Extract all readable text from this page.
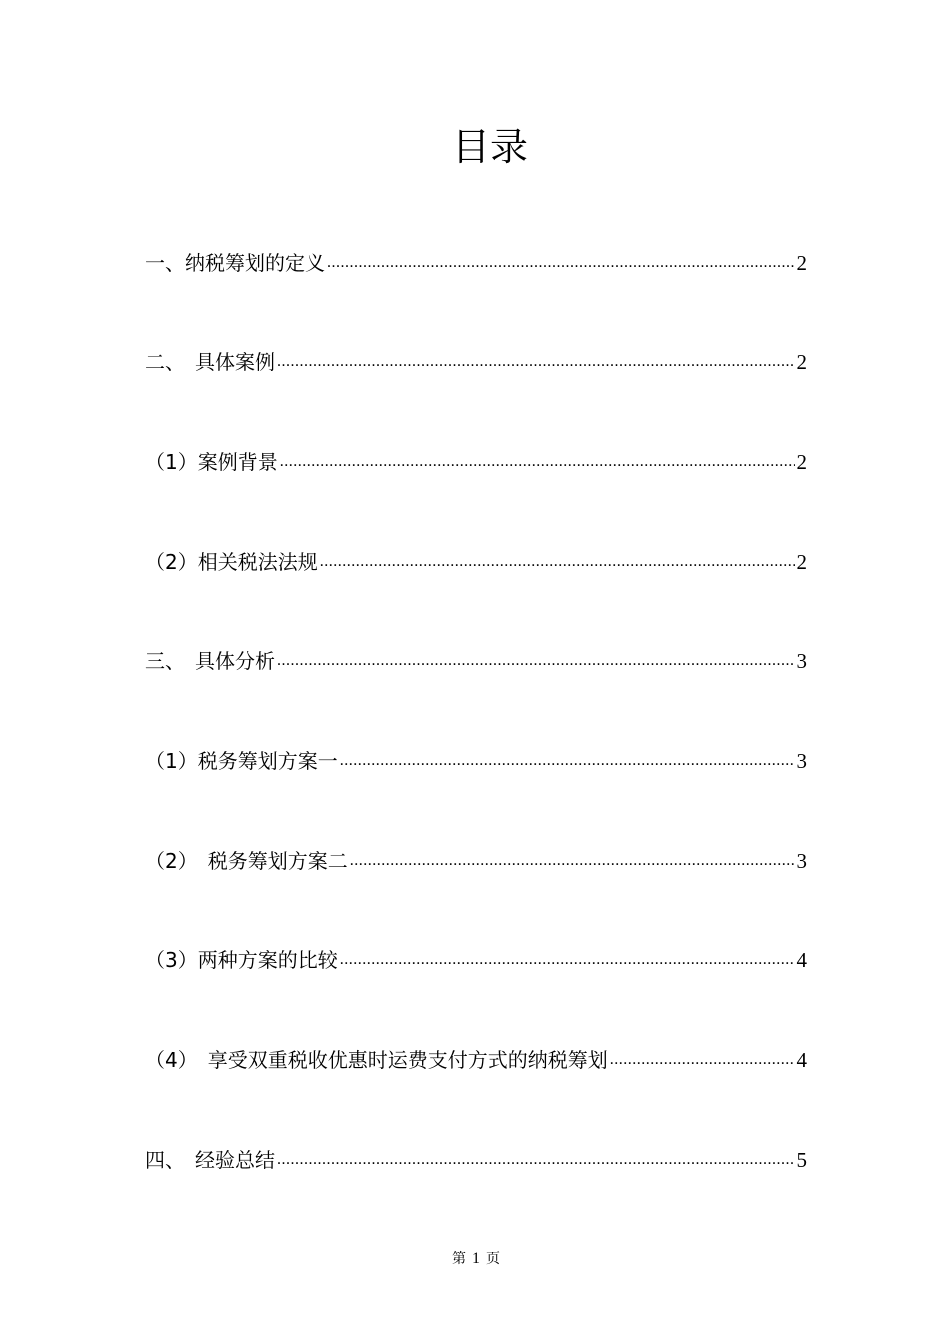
目录
一、纳税筹划的定义 .....	2
二、　具体案例 .....	2
（1）案例背景 .....	2
（2）相关税法法规 .....	2
三、　具体分析 .....	3
（1）税务筹划方案一 .....	3
（2）　税务筹划方案二 .....	3
（3）两种方案的比较 .....	4
（4）　享受双重税收优惠时运费支付方式的纳税筹划 .....	4
四、　经验总结 .....	5
第 1 页
